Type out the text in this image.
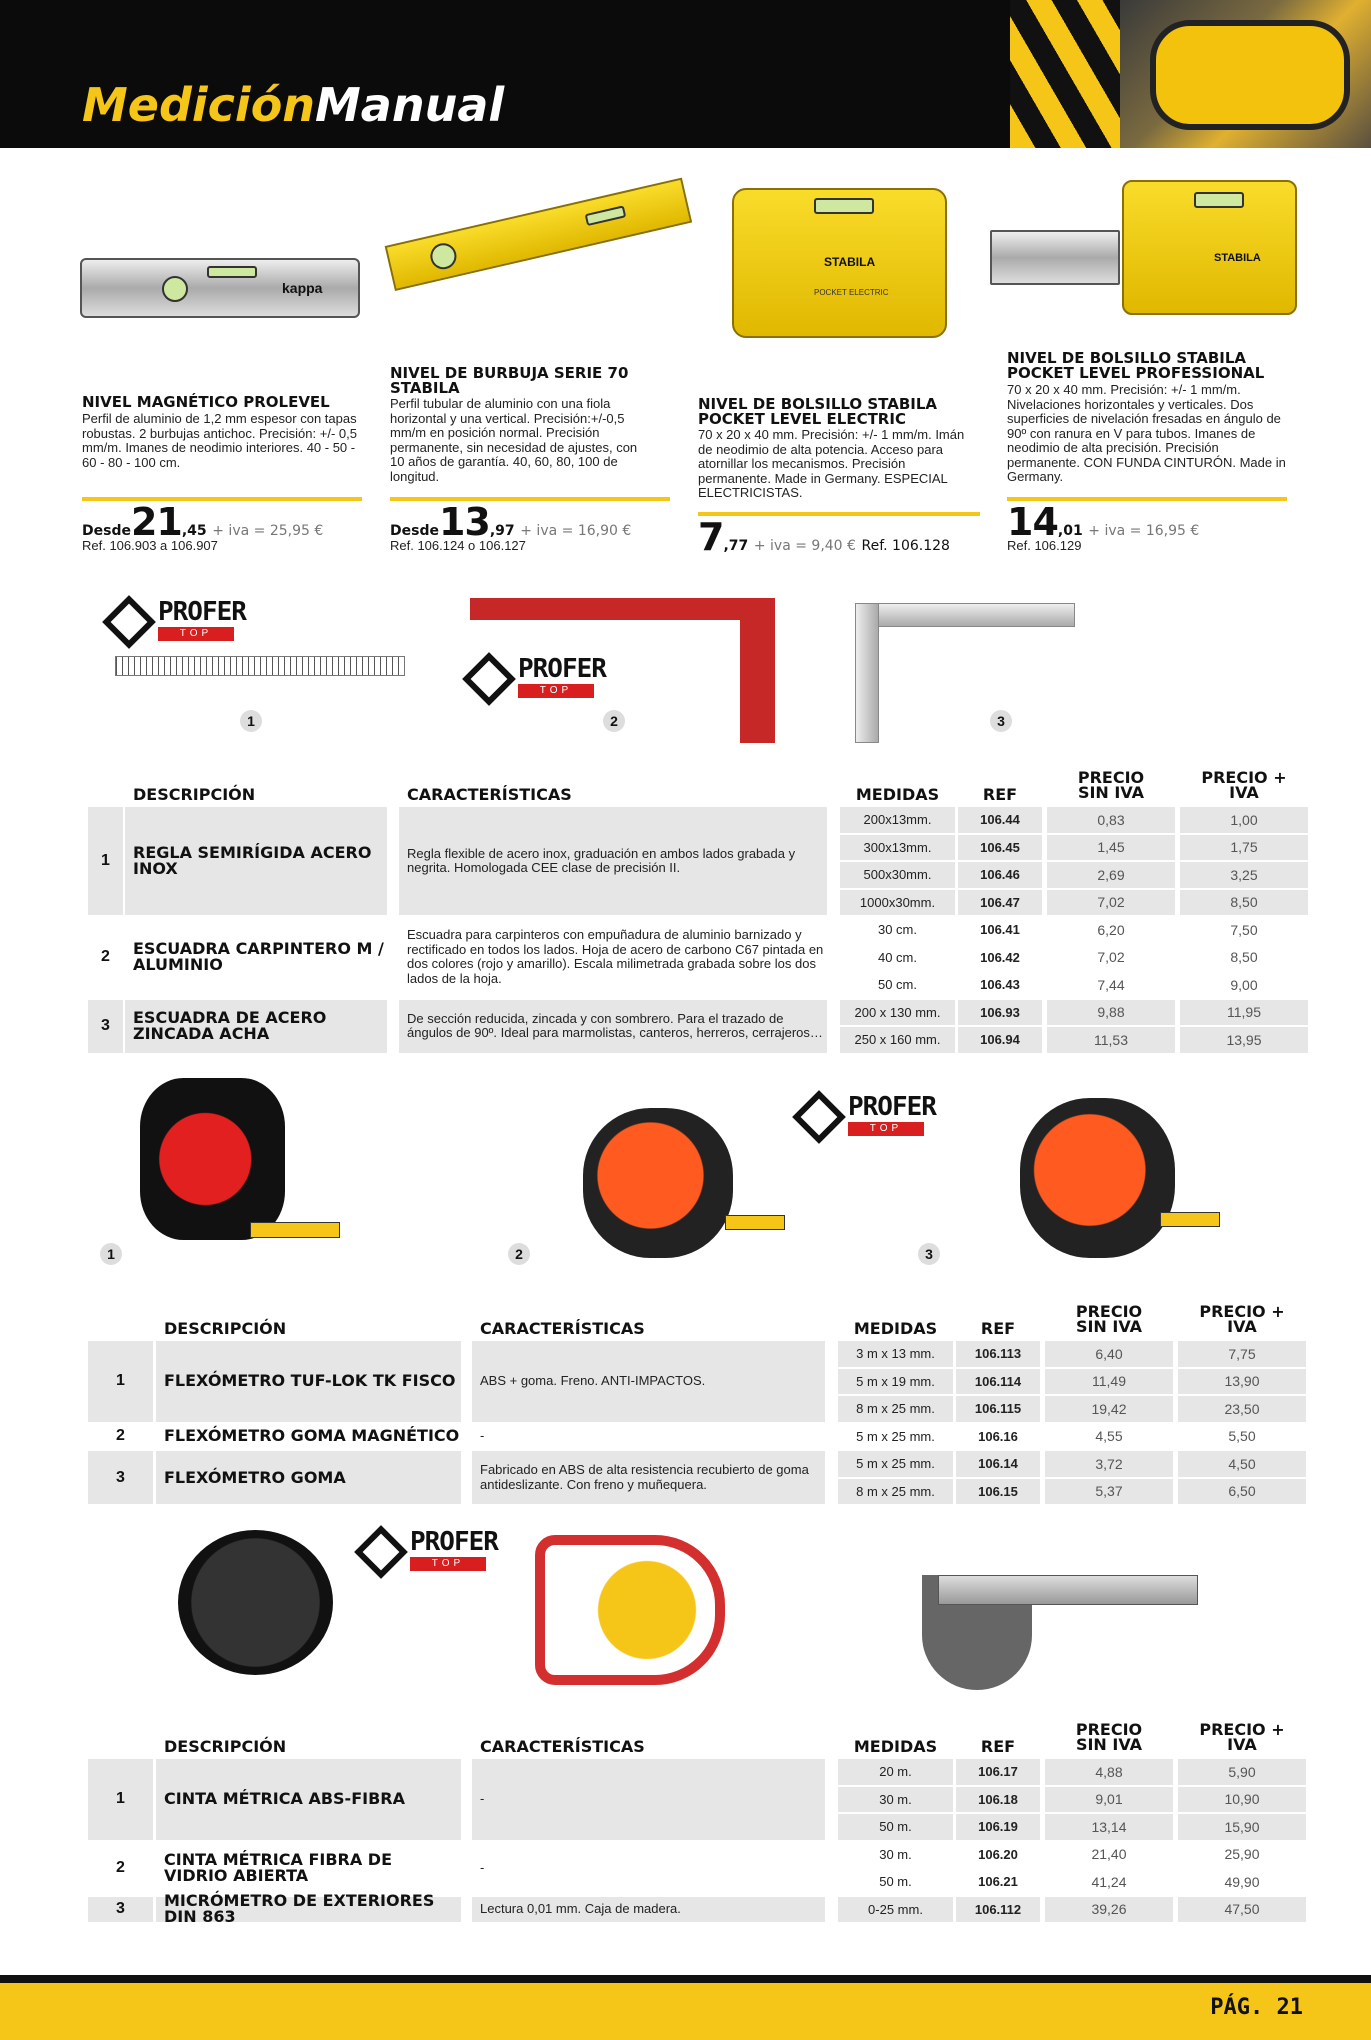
Medición Manual
kappa
STABILA
POCKET ELECTRIC
STABILA
NIVEL MAGNÉTICO PROLEVEL
Perfil de aluminio de 1,2 mm espesor con tapas robustas. 2 burbujas antichoc. Precisión: +/- 0,5 mm/m. Imanes de neodimio interiores. 40 - 50 - 60 - 80 - 100 cm.
Desde21,45 + iva = 25,95 €
Ref. 106.903 a 106.907
NIVEL DE BURBUJA SERIE 70 STABILA
Perfil tubular de aluminio con una fiola horizontal y una vertical. Precisión:+/-0,5 mm/m en posición normal. Precisión permanente, sin necesidad de ajustes, con 10 años de garantía. 40, 60, 80, 100 de longitud.
Desde13,97 + iva = 16,90 €
Ref. 106.124 o 106.127
NIVEL DE BOLSILLO STABILA POCKET LEVEL ELECTRIC
70 x 20 x 40 mm. Precisión: +/- 1 mm/m. Imán de neodimio de alta potencia. Acceso para atornillar los mecanismos. Precisión permanente. Made in Germany. ESPECIAL ELECTRICISTAS.
7,77 + iva = 9,40 € Ref. 106.128
NIVEL DE BOLSILLO STABILA POCKET LEVEL PROFESSIONAL
70 x 20 x 40 mm. Precisión: +/- 1 mm/m. Nivelaciones horizontales y verticales. Dos superficies de nivelación fresadas en ángulo de 90º con ranura en V para tubos. Imanes de neodimio de alta precisión. Precisión permanente. CON FUNDA CINTURÓN. Made in Germany.
14,01 + iva = 16,95 €
Ref. 106.129
PROFER
TOP
1
PROFER
TOP
2	3
1	2
PROFER
TOP
3
PROFER
TOP
PÁG. 21
DESCRIPCIÓN	CARACTERÍSTICAS	MEDIDAS	REF
PRECIO
SIN IVA
PRECIO +
IVA
1	REGLA SEMIRÍGIDA ACERO INOX
Regla flexible de acero inox, graduación en ambos lados grabada y negrita. Homologada CEE clase de precisión II.
200x13mm.	106.44	0,83	1,00
300x13mm.	106.45	1,45	1,75
500x30mm.	106.46	2,69	3,25
1000x30mm.	106.47	7,02	8,50
2	ESCUADRA CARPINTERO M / ALUMINIO
Escuadra para carpinteros con empuñadura de aluminio barnizado y rectificado en todos los lados. Hoja de acero de carbono C67 pintada en dos colores (rojo y amarillo). Escala milimetrada grabada sobre los dos lados de la hoja.
30 cm.	106.41	6,20	7,50
40 cm.	106.42	7,02	8,50
50 cm.	106.43	7,44	9,00
3	ESCUADRA DE ACERO ZINCADA ACHA
De sección reducida, zincada y con sombrero. Para el trazado de ángulos de 90º. Ideal para marmolistas, canteros, herreros, cerrajeros…
200 x 130 mm.	106.93	9,88	11,95
250 x 160 mm.	106.94	11,53	13,95
DESCRIPCIÓN	CARACTERÍSTICAS	MEDIDAS	REF
PRECIO
SIN IVA
PRECIO +
IVA
1	FLEXÓMETRO TUF-LOK TK FISCO	ABS + goma. Freno. ANTI-IMPACTOS.
3 m x 13 mm.	106.113	6,40	7,75
5 m x 19 mm.	106.114	11,49	13,90
8 m x 25 mm.	106.115	19,42	23,50
2	FLEXÓMETRO GOMA MAGNÉTICO	-	5 m x 25 mm.	106.16	4,55	5,50
3	FLEXÓMETRO GOMA	Fabricado en ABS de alta resistencia recubierto de goma antideslizante. Con freno y muñequera.
5 m x 25 mm.	106.14	3,72	4,50
8 m x 25 mm.	106.15	5,37	6,50
DESCRIPCIÓN	CARACTERÍSTICAS	MEDIDAS	REF
PRECIO
SIN IVA
PRECIO +
IVA
1	CINTA MÉTRICA ABS-FIBRA	-
20 m.	106.17	4,88	5,90
30 m.	106.18	9,01	10,90
50 m.	106.19	13,14	15,90
2	CINTA MÉTRICA FIBRA DE VIDRIO ABIERTA	-
30 m.	106.20	21,40	25,90
50 m.	106.21	41,24	49,90
3	MICRÓMETRO DE EXTERIORES DIN 863	Lectura 0,01 mm. Caja de madera.	0-25 mm.	106.112	39,26	47,50
